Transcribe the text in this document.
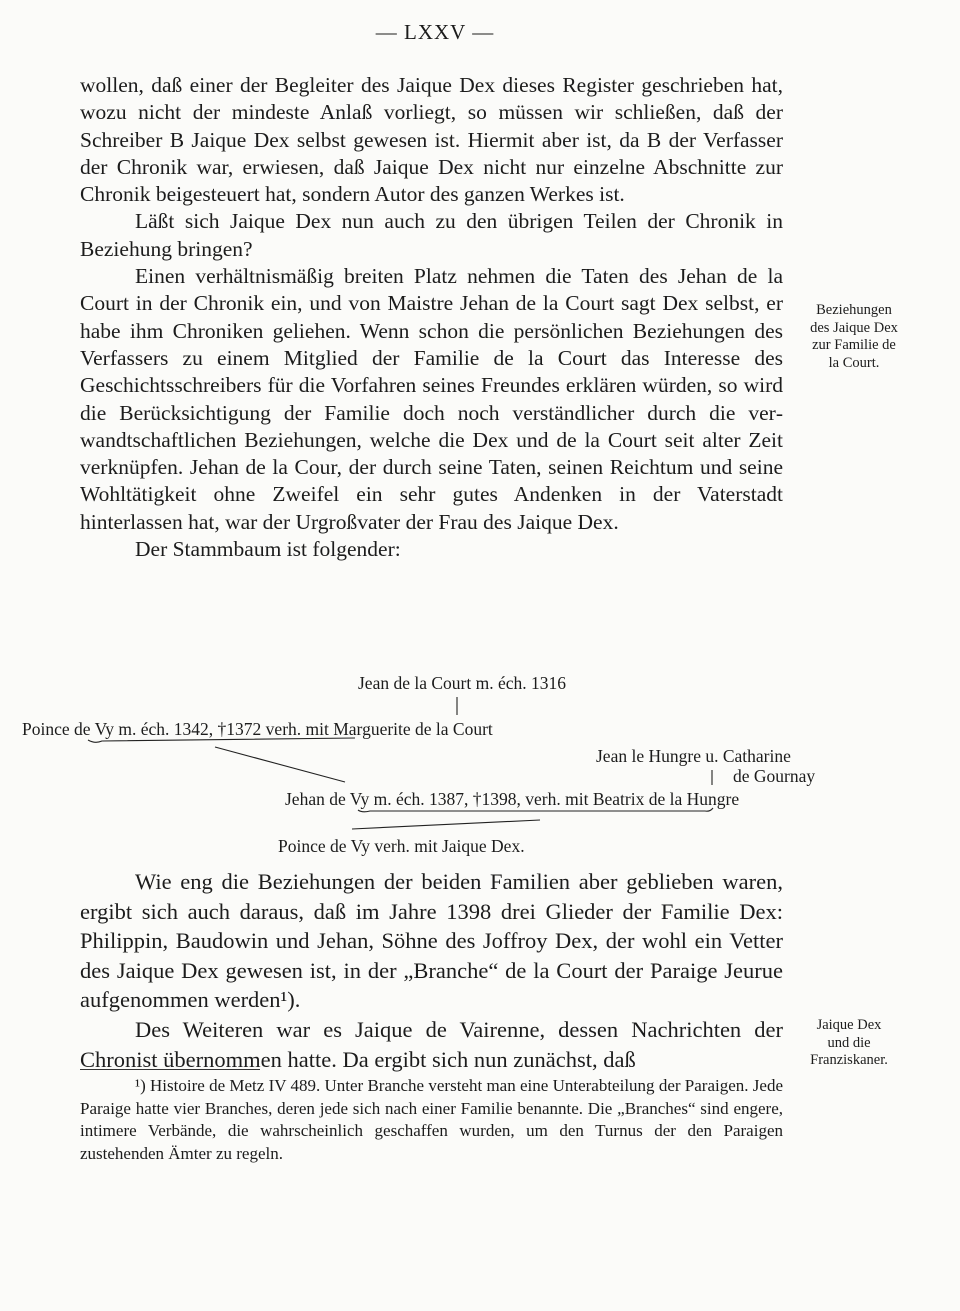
— LXXV —

wollen, daß einer der Begleiter des Jaique Dex dieses Register geschrieben hat, wozu nicht der mindeste Anlaß vorliegt, so müssen wir schließen, daß der Schreiber B Jaique Dex selbst gewesen ist. Hiermit aber ist, da B der Verfasser der Chronik war, erwiesen, daß Jaique Dex nicht nur einzelne Abschnitte zur Chronik beigesteuert hat, sondern Autor des ganzen Werkes ist.

Läßt sich Jaique Dex nun auch zu den übrigen Teilen der Chronik in Beziehung bringen?

Einen verhältnismäßig breiten Platz nehmen die Taten des Jehan de la Court in der Chronik ein, und von Maistre Jehan de la Court sagt Dex selbst, er habe ihm Chroniken geliehen. Wenn schon die persönlichen Beziehungen des Verfassers zu einem Mitglied der Familie de la Court das Interesse des Geschichtsschreibers für die Vorfahren seines Freundes erklären würden, so wird die Berücksichtigung der Familie doch noch verständlicher durch die verwandtschaftlichen Beziehungen, welche die Dex und de la Court seit alter Zeit verknüpfen. Jehan de la Cour, der durch seine Taten, seinen Reichtum und seine Wohltätigkeit ohne Zweifel ein sehr gutes Andenken in der Vaterstadt hinterlassen hat, war der Urgroßvater der Frau des Jaique Dex.

Der Stammbaum ist folgender:

Beziehungen
des Jaique Dex
zur Familie de
la Court.
Jean de la Court m. éch. 1316
Poince de Vy m. éch. 1342, †1372 verh. mit Marguerite de la Court
Jean le Hungre u. Catharine
de Gournay
Jehan de Vy m. éch. 1387, †1398, verh. mit Beatrix de la Hungre
Poince de Vy verh. mit Jaique Dex.

Wie eng die Beziehungen der beiden Familien aber geblieben waren, ergibt sich auch daraus, daß im Jahre 1398 drei Glieder der Familie Dex: Philippin, Baudowin und Jehan, Söhne des Joffroy Dex, der wohl ein Vetter des Jaique Dex gewesen ist, in der „Branche“ de la Court der Paraige Jeurue aufgenommen werden¹).

Des Weiteren war es Jaique de Vairenne, dessen Nachrichten der Chronist übernommen hatte. Da ergibt sich nun zunächst, daß

Jaique Dex
und die
Franziskaner.

¹) Histoire de Metz IV 489. Unter Branche versteht man eine Unterabteilung der Paraigen. Jede Paraige hatte vier Branches, deren jede sich nach einer Familie benannte. Die „Branches“ sind engere, intimere Verbände, die wahrscheinlich geschaffen wurden, um den Turnus der den Paraigen zustehenden Ämter zu regeln.
